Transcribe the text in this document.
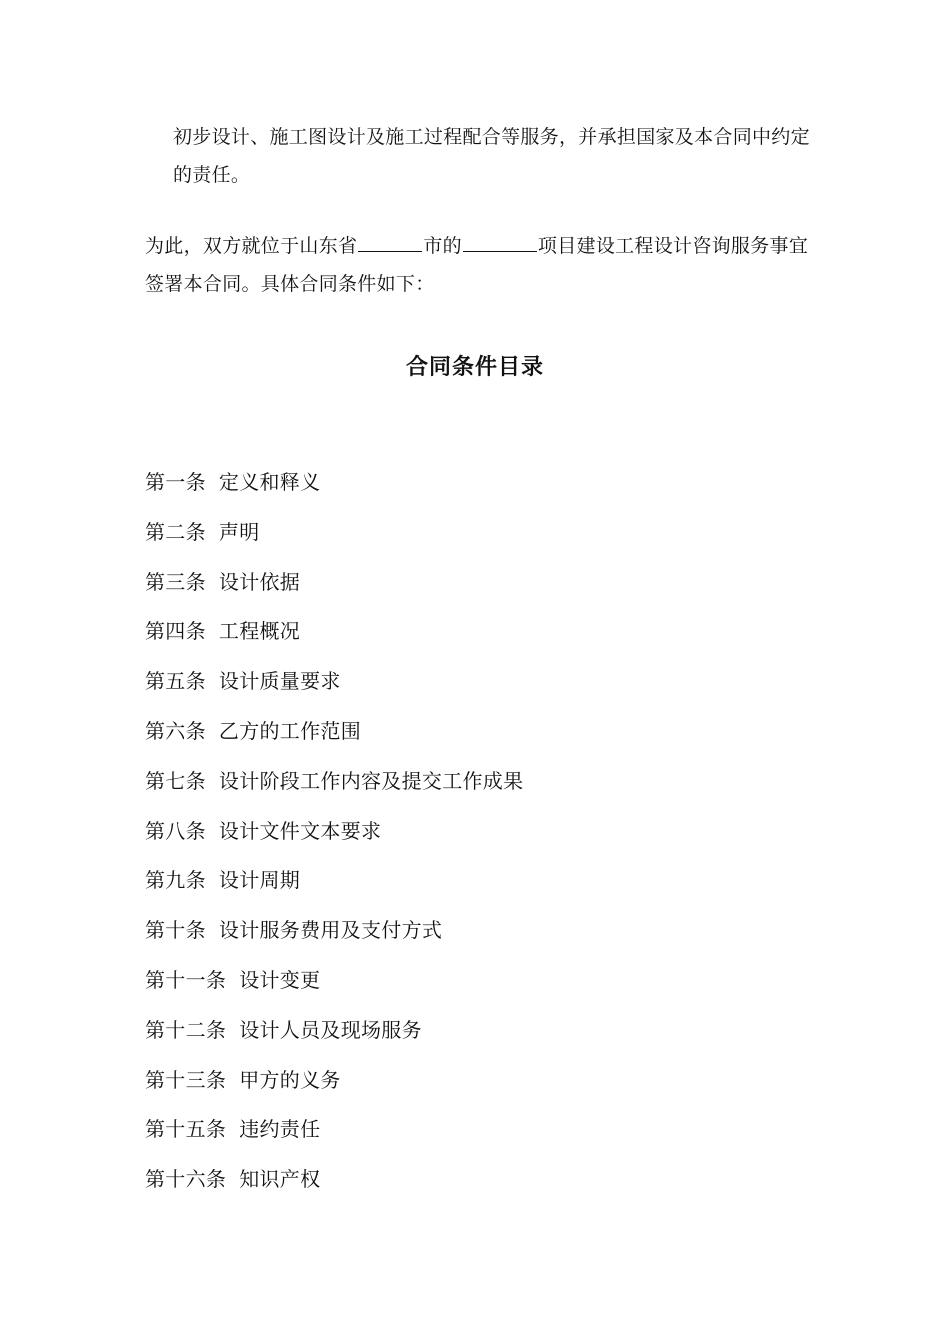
初步设计、施工图设计及施工过程配合等服务，并承担国家及本合同中约定
的责任。
为此，双方就位于山东省	市的	项目建设工程设计咨询服务事宜
签署本合同。具体合同条件如下：
合同条件目录
第一条 定义和释义
第二条 声明
第三条 设计依据
第四条 工程概况
第五条 设计质量要求
第六条 乙方的工作范围
第七条 设计阶段工作内容及提交工作成果
第八条 设计文件文本要求
第九条 设计周期
第十条 设计服务费用及支付方式
第十一条 设计变更
第十二条 设计人员及现场服务
第十三条 甲方的义务
第十五条 违约责任
第十六条 知识产权
